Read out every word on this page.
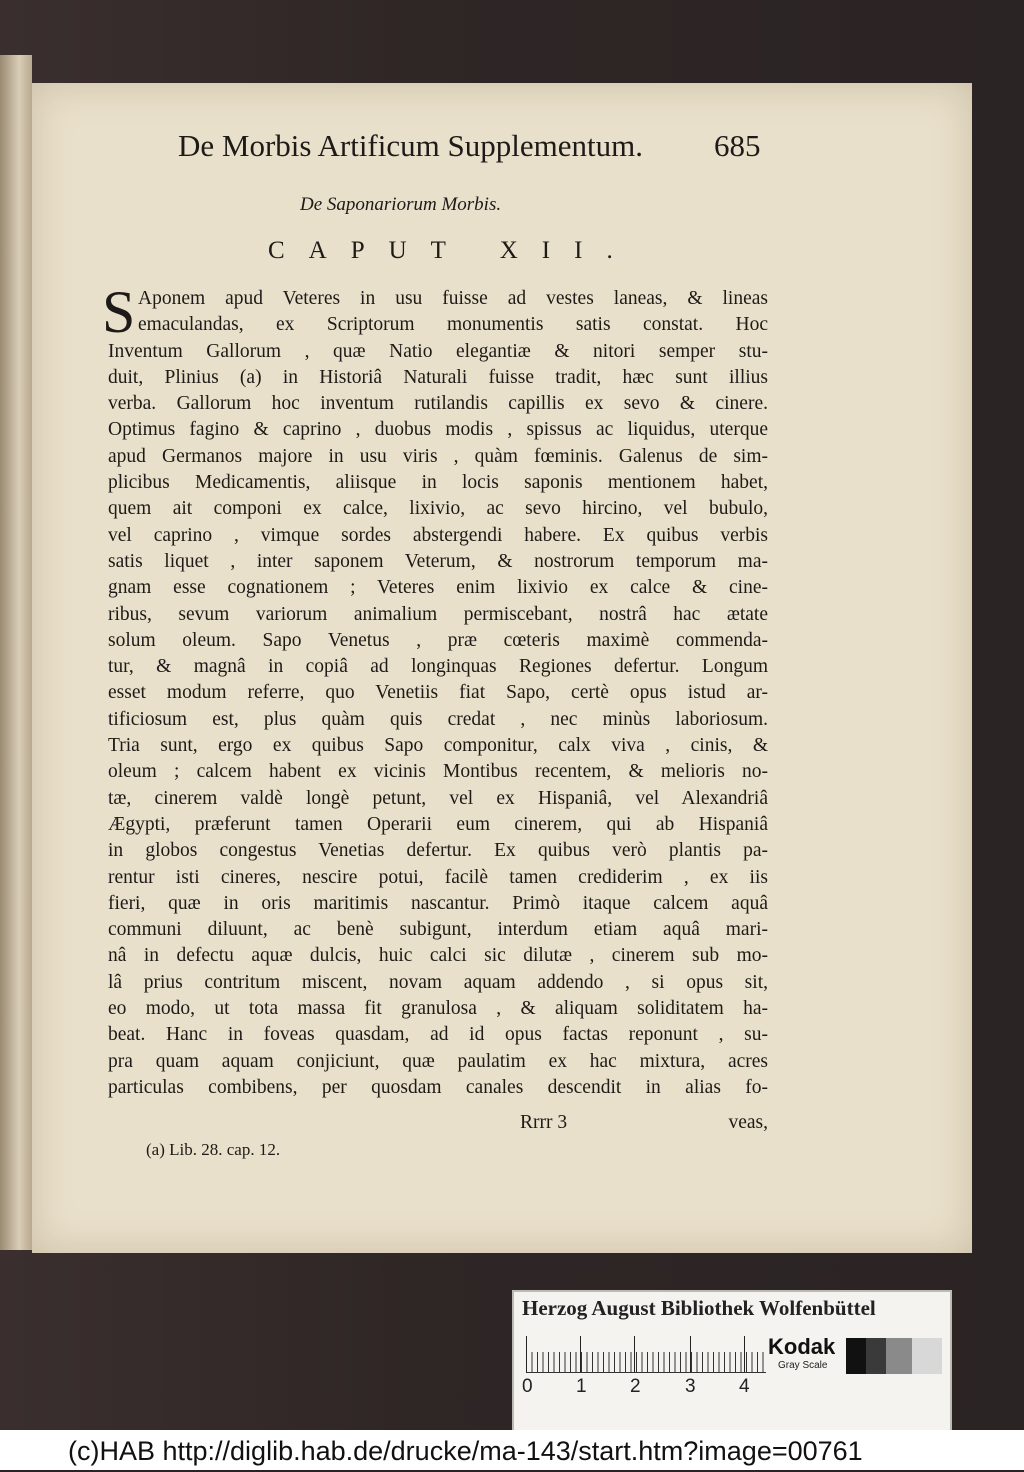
De Morbis Artificum Supplementum.	685
De Saponariorum Morbis.
CAPUT XII.
S Aponem apud Veteres in usu fuisse ad vestes laneas, & lineas
emaculandas, ex Scriptorum monumentis satis constat. Hoc
Inventum Gallorum , quæ Natio elegantiæ & nitori semper stu-
duit, Plinius (a) in Historiâ Naturali fuisse tradit, hæc sunt illius
verba. Gallorum hoc inventum rutilandis capillis ex sevo & cinere.
Optimus fagino & caprino , duobus modis , spissus ac liquidus, uterque
apud Germanos majore in usu viris , quàm fœminis. Galenus de sim-
plicibus Medicamentis, aliisque in locis saponis mentionem habet,
quem ait componi ex calce, lixivio, ac sevo hircino, vel bubulo,
vel caprino , vimque sordes abstergendi habere. Ex quibus verbis
satis liquet , inter saponem Veterum, & nostrorum temporum ma-
gnam esse cognationem ; Veteres enim lixivio ex calce & cine-
ribus, sevum variorum animalium permiscebant, nostrâ hac ætate
solum oleum. Sapo Venetus , præ cœteris maximè commenda-
tur, & magnâ in copiâ ad longinquas Regiones defertur. Longum
esset modum referre, quo Venetiis fiat Sapo, certè opus istud ar-
tificiosum est, plus quàm quis credat , nec minùs laboriosum.
Tria sunt, ergo ex quibus Sapo componitur, calx viva , cinis, &
oleum ; calcem habent ex vicinis Montibus recentem, & melioris no-
tæ, cinerem valdè longè petunt, vel ex Hispaniâ, vel Alexandriâ
Ægypti, præferunt tamen Operarii eum cinerem, qui ab Hispaniâ
in globos congestus Venetias defertur. Ex quibus verò plantis pa-
rentur isti cineres, nescire potui, facilè tamen crediderim , ex iis
fieri, quæ in oris maritimis nascantur. Primò itaque calcem aquâ
communi diluunt, ac benè subigunt, interdum etiam aquâ mari-
nâ in defectu aquæ dulcis, huic calci sic dilutæ , cinerem sub mo-
lâ prius contritum miscent, novam aquam addendo , si opus sit,
eo modo, ut tota massa fit granulosa , & aliquam soliditatem ha-
beat. Hanc in foveas quasdam, ad id opus factas reponunt , su-
pra quam aquam conjiciunt, quæ paulatim ex hac mixtura, acres
particulas combibens, per quosdam canales descendit in alias fo-
Rrrr 3	veas,
(a) Lib. 28. cap. 12.
Herzog August Bibliothek Wolfenbüttel
0 1 2 3 4
Kodak
Gray Scale
(c)HAB http://diglib.hab.de/drucke/ma-143/start.htm?image=00761
